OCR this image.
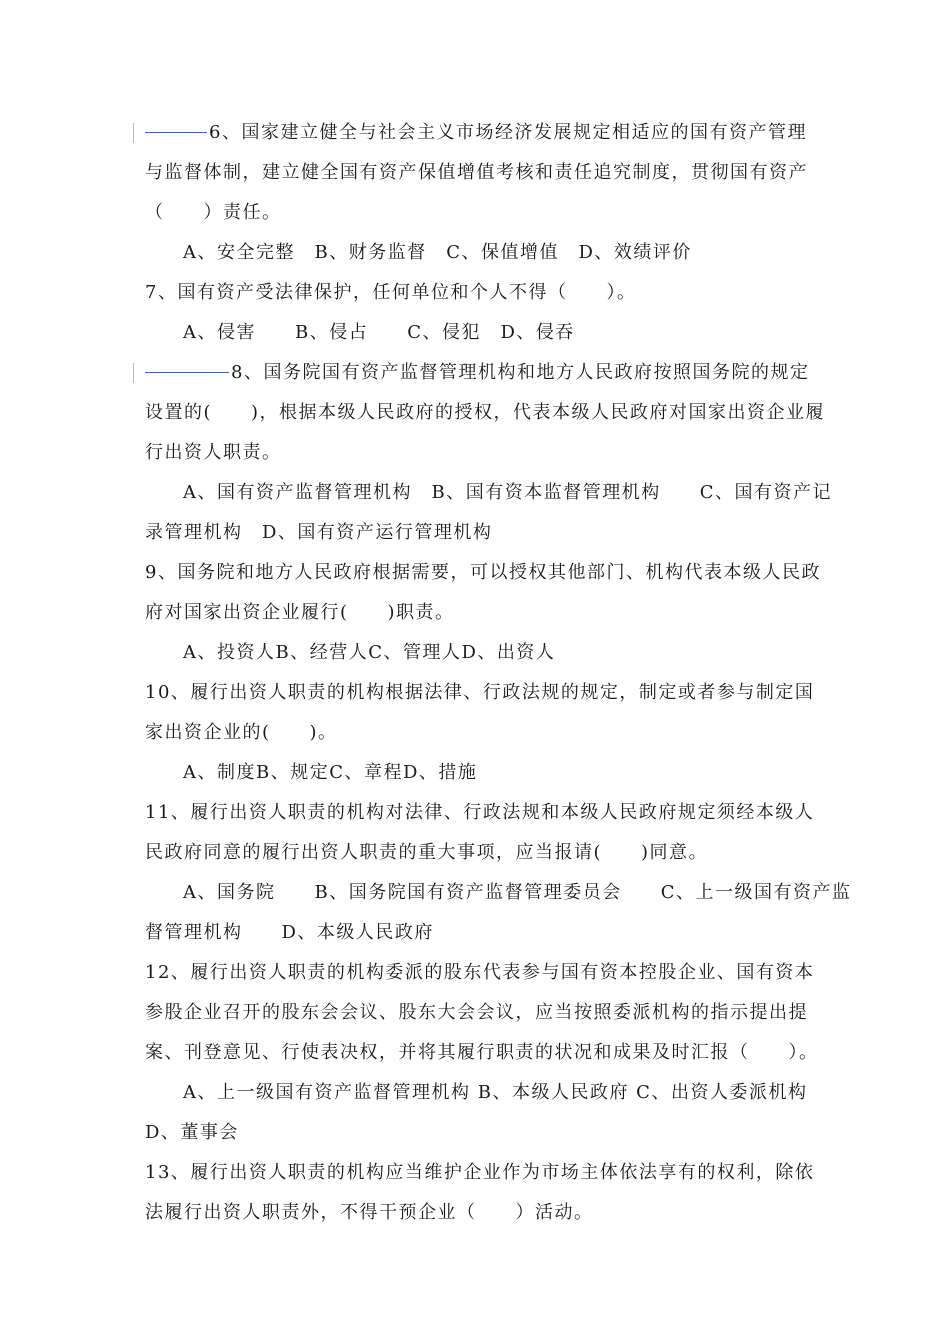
6、国家建立健全与社会主义市场经济发展规定相适应的国有资产管理
与监督体制，建立健全国有资产保值增值考核和责任追究制度，贯彻国有资产
（　　）责任。
A、安全完整　B、财务监督　C、保值增值　D、效绩评价
7、国有资产受法律保护，任何单位和个人不得（　　）。
A、侵害　　B、侵占　　C、侵犯　D、侵吞
8、国务院国有资产监督管理机构和地方人民政府按照国务院的规定
设置的(　　)，根据本级人民政府的授权，代表本级人民政府对国家出资企业履
行出资人职责。
A、国有资产监督管理机构　B、国有资本监督管理机构　　C、国有资产记
录管理机构　D、国有资产运行管理机构
9、国务院和地方人民政府根据需要，可以授权其他部门、机构代表本级人民政
府对国家出资企业履行(　　)职责。
A、投资人B、经营人C、管理人D、出资人
10、履行出资人职责的机构根据法律、行政法规的规定，制定或者参与制定国
家出资企业的(　　)。
A、制度B、规定C、章程D、措施
11、履行出资人职责的机构对法律、行政法规和本级人民政府规定须经本级人
民政府同意的履行出资人职责的重大事项，应当报请(　　)同意。
A、国务院　　B、国务院国有资产监督管理委员会　　C、上一级国有资产监
督管理机构　　D、本级人民政府
12、履行出资人职责的机构委派的股东代表参与国有资本控股企业、国有资本
参股企业召开的股东会会议、股东大会会议，应当按照委派机构的指示提出提
案、刊登意见、行使表决权，并将其履行职责的状况和成果及时汇报（　　）。
A、上一级国有资产监督管理机构 B、本级人民政府 C、出资人委派机构
D、董事会
13、履行出资人职责的机构应当维护企业作为市场主体依法享有的权利，除依
法履行出资人职责外，不得干预企业（　　）活动。
